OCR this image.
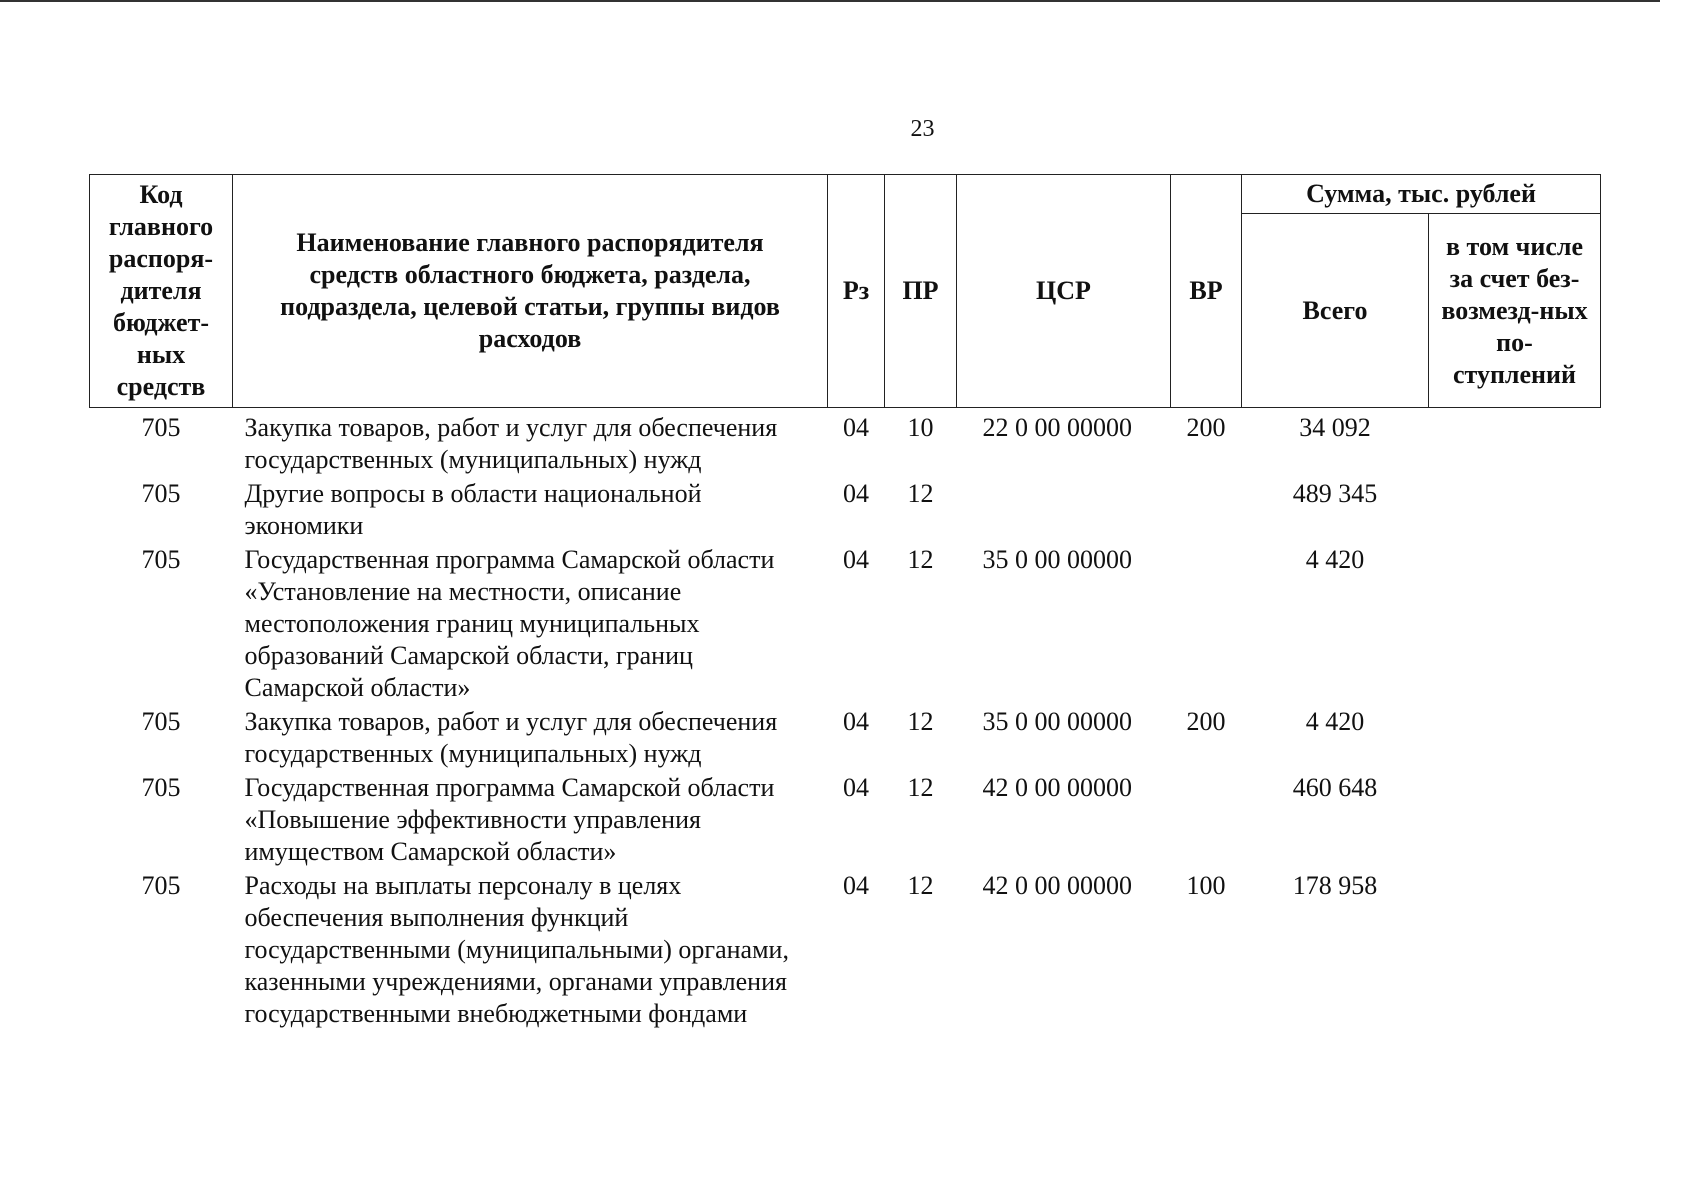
23
Код главного распоря-дителя бюджет-ных средств	Наименование главного распорядителя средств областного бюджета, раздела, подраздела, целевой статьи, группы видов расходов	Рз	ПР	ЦСР	ВР	Сумма, тыс. рублей	
						Всего	в том числе за счет без-возмезд-ных по-ступлений

705	Закупка товаров, работ и услуг для обеспечения государственных (муниципальных) нужд	04	10	22 0 00 00000	200	34 092	
705	Другие вопросы в области национальной экономики	04	12			489 345	
705	Государственная программа Самарской области «Установление на местности, описание местоположения границ муниципальных образований Самарской области, границ Самарской области»	04	12	35 0 00 00000		4 420	
705	Закупка товаров, работ и услуг для обеспечения государственных (муниципальных) нужд	04	12	35 0 00 00000	200	4 420	
705	Государственная программа Самарской области «Повышение эффективности управления имуществом Самарской области»	04	12	42 0 00 00000		460 648	
705	Расходы на выплаты персоналу в целях обеспечения выполнения функций государственными (муниципальными) органами, казенными учреждениями, органами управления государственными внебюджетными фондами	04	12	42 0 00 00000	100	178 958	
